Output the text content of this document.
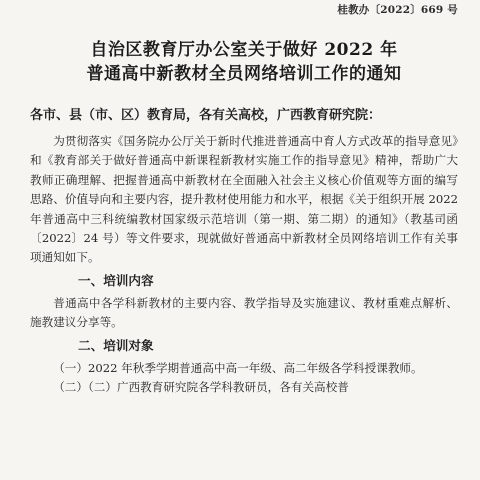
桂教办〔2022〕669 号
自治区教育厅办公室关于做好 2022 年
普通高中新教材全员网络培训工作的通知

各市、县（市、区）教育局，各有关高校，广西教育研究院：

为贯彻落实《国务院办公厅关于新时代推进普通高中育人方式改革的指导意见》和《教育部关于做好普通高中新课程新教材实施工作的指导意见》精神，帮助广大教师正确理解、把握普通高中新教材在全面融入社会主义核心价值观等方面的编写思路、价值导向和主要内容，提升教材使用能力和水平，根据《关于组织开展 2022 年普通高中三科统编教材国家级示范培训（第一期、第二期）的通知》（教基司函〔2022〕24 号）等文件要求，现就做好普通高中新教材全员网络培训工作有关事项通知如下。

一、培训内容

普通高中各学科新教材的主要内容、教学指导及实施建议、教材重难点解析、施教建议分享等。

二、培训对象

（一）2022 年秋季学期普通高中高一年级、高二年级各学科授课教师。

（二）（二）广西教育研究院各学科教研员，各有关高校普
